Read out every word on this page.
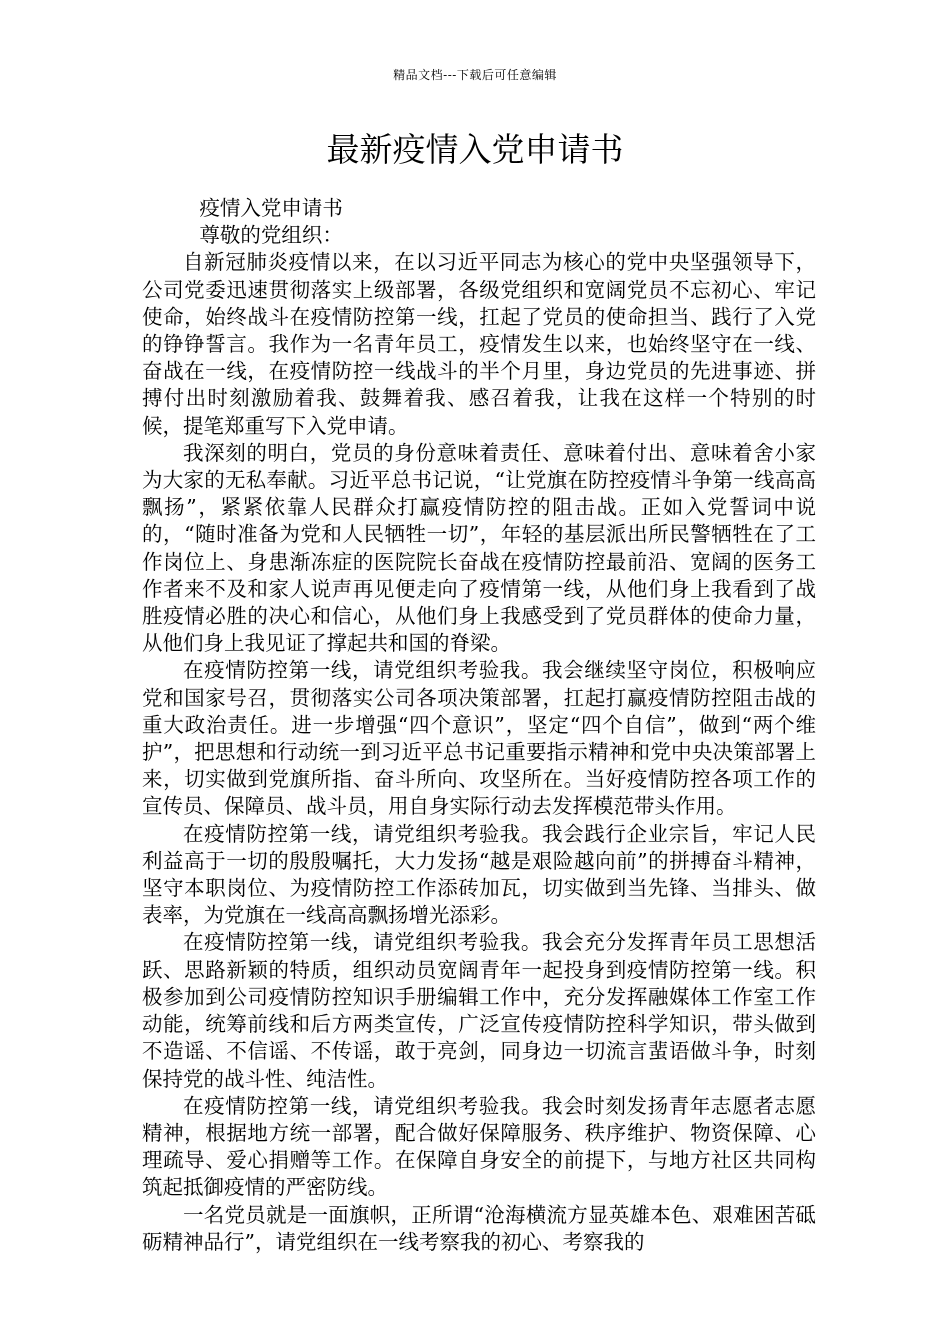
精品文档---下载后可任意编辑
最新疫情入党申请书

疫情入党申请书

尊敬的党组织：

自新冠肺炎疫情以来，在以习近平同志为核心的党中央坚强领导下，公司党委迅速贯彻落实上级部署，各级党组织和宽阔党员不忘初心、牢记使命，始终战斗在疫情防控第一线，扛起了党员的使命担当、践行了入党的铮铮誓言。我作为一名青年员工，疫情发生以来，也始终坚守在一线、奋战在一线，在疫情防控一线战斗的半个月里，身边党员的先进事迹、拼搏付出时刻激励着我、鼓舞着我、感召着我，让我在这样一个特别的时候，提笔郑重写下入党申请。

我深刻的明白，党员的身份意味着责任、意味着付出、意味着舍小家为大家的无私奉献。习近平总书记说，“让党旗在防控疫情斗争第一线高高飘扬”，紧紧依靠人民群众打赢疫情防控的阻击战。正如入党誓词中说的，“随时准备为党和人民牺牲一切”，年轻的基层派出所民警牺牲在了工作岗位上、身患渐冻症的医院院长奋战在疫情防控最前沿、宽阔的医务工作者来不及和家人说声再见便走向了疫情第一线，从他们身上我看到了战胜疫情必胜的决心和信心，从他们身上我感受到了党员群体的使命力量，从他们身上我见证了撑起共和国的脊梁。

在疫情防控第一线，请党组织考验我。我会继续坚守岗位，积极响应党和国家号召，贯彻落实公司各项决策部署，扛起打赢疫情防控阻击战的重大政治责任。进一步增强“四个意识”，坚定“四个自信”，做到“两个维护”，把思想和行动统一到习近平总书记重要指示精神和党中央决策部署上来，切实做到党旗所指、奋斗所向、攻坚所在。当好疫情防控各项工作的宣传员、保障员、战斗员，用自身实际行动去发挥模范带头作用。

在疫情防控第一线，请党组织考验我。我会践行企业宗旨，牢记人民利益高于一切的殷殷嘱托，大力发扬“越是艰险越向前”的拼搏奋斗精神，坚守本职岗位、为疫情防控工作添砖加瓦，切实做到当先锋、当排头、做表率，为党旗在一线高高飘扬增光添彩。

在疫情防控第一线，请党组织考验我。我会充分发挥青年员工思想活跃、思路新颖的特质，组织动员宽阔青年一起投身到疫情防控第一线。积极参加到公司疫情防控知识手册编辑工作中，充分发挥融媒体工作室工作动能，统筹前线和后方两类宣传，广泛宣传疫情防控科学知识，带头做到不造谣、不信谣、不传谣，敢于亮剑，同身边一切流言蜚语做斗争，时刻保持党的战斗性、纯洁性。

在疫情防控第一线，请党组织考验我。我会时刻发扬青年志愿者志愿精神，根据地方统一部署，配合做好保障服务、秩序维护、物资保障、心理疏导、爱心捐赠等工作。在保障自身安全的前提下，与地方社区共同构筑起抵御疫情的严密防线。

一名党员就是一面旗帜，正所谓“沧海横流方显英雄本色、艰难困苦砥砺精神品行”，请党组织在一线考察我的初心、考察我的
